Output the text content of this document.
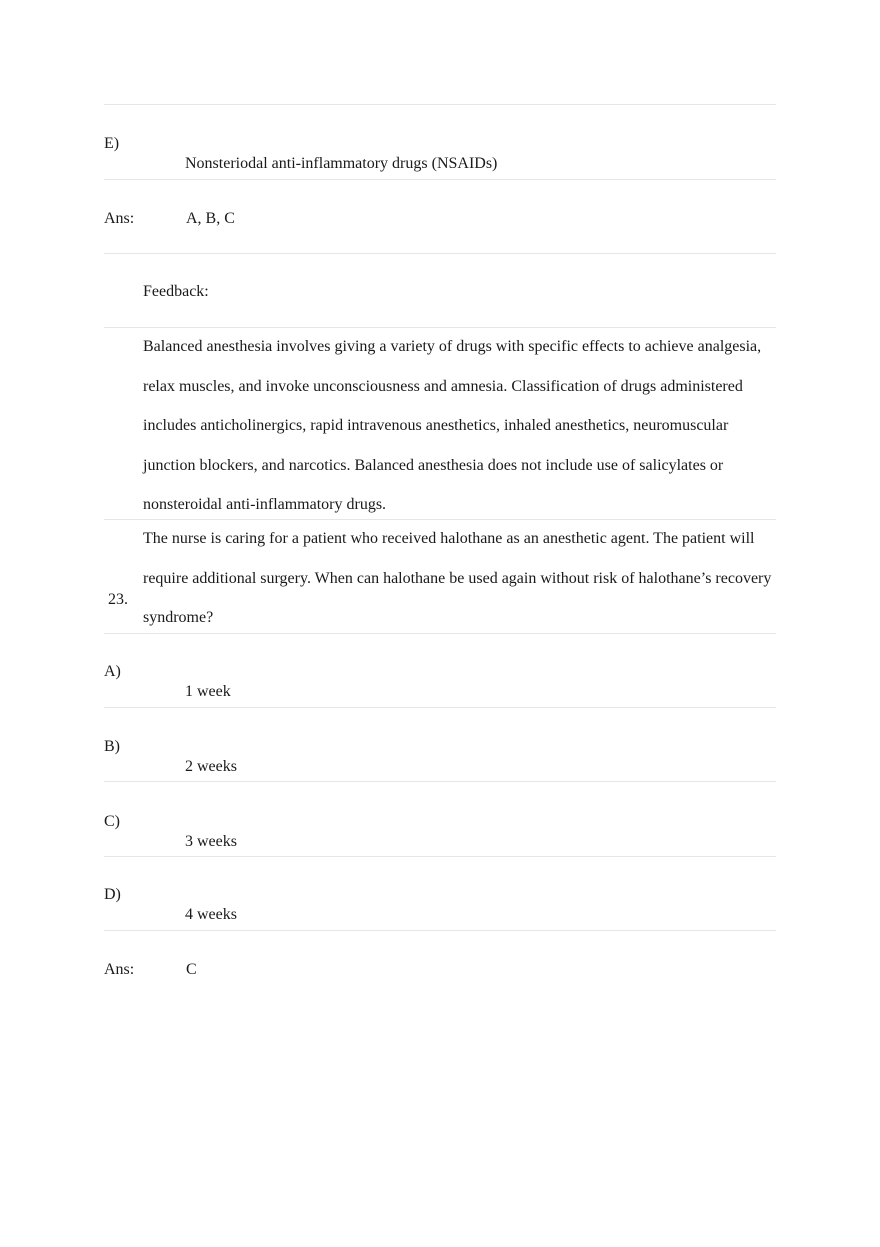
E)
Nonsteriodal anti-inflammatory drugs (NSAIDs)
Ans:	A, B, C
Feedback:
Balanced anesthesia involves giving a variety of drugs with specific effects to achieve analgesia, relax muscles, and invoke unconsciousness and amnesia. Classification of drugs administered includes anticholinergics, rapid intravenous anesthetics, inhaled anesthetics, neuromuscular junction blockers, and narcotics. Balanced anesthesia does not include use of salicylates or nonsteroidal anti-inflammatory drugs.
23.
The nurse is caring for a patient who received halothane as an anesthetic agent. The patient will require additional surgery. When can halothane be used again without risk of halothane’s recovery syndrome?
A)
1 week
B)
2 weeks
C)
3 weeks
D)
4 weeks
Ans:	C
